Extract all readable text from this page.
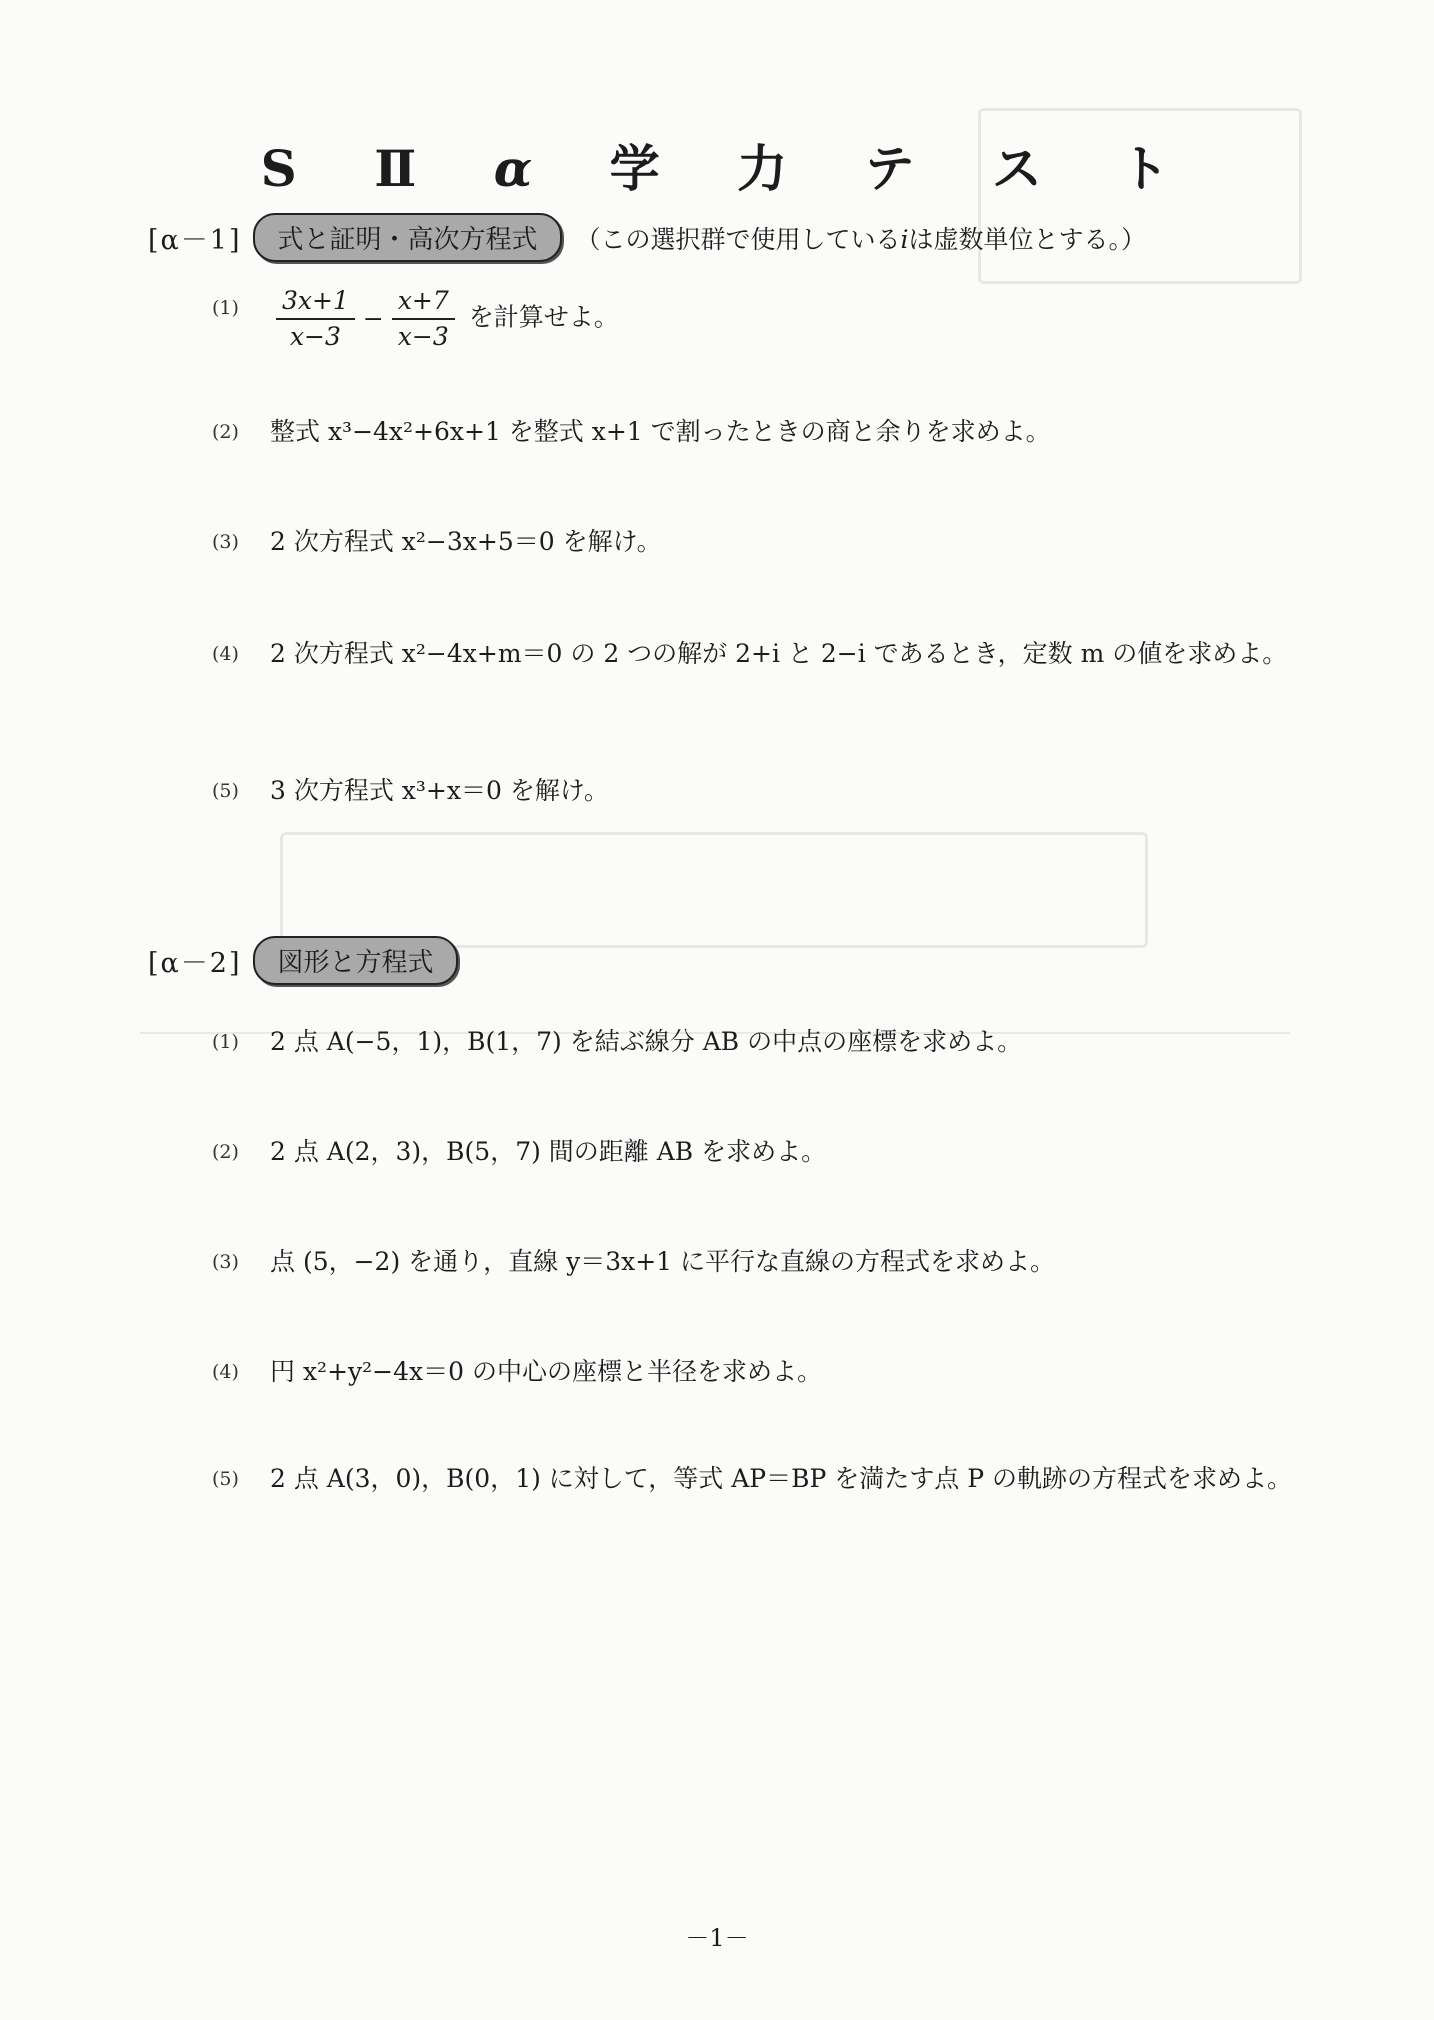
S Ⅱ α 学 力 テ ス ト
[α－1]	式と証明・高次方程式	（この選択群で使用しているiは虚数単位とする。）
(1)	$\frac{3x+1}{x-3} - \frac{x+7}{x-3}$ を計算せよ。
(2)	整式 x³−4x²+6x+1 を整式 x+1 で割ったときの商と余りを求めよ。
(3)	2 次方程式 x²−3x+5＝0 を解け。
(4)	2 次方程式 x²−4x+m＝0 の 2 つの解が 2+i と 2−i であるとき，定数 m の値を求めよ。
(5)	3 次方程式 x³+x＝0 を解け。
[α－2]	図形と方程式
(1)	2 点 A(−5，1)，B(1，7) を結ぶ線分 AB の中点の座標を求めよ。
(2)	2 点 A(2，3)，B(5，7) 間の距離 AB を求めよ。
(3)	点 (5，−2) を通り，直線 y＝3x+1 に平行な直線の方程式を求めよ。
(4)	円 x²+y²−4x＝0 の中心の座標と半径を求めよ。
(5)	2 点 A(3，0)，B(0，1) に対して，等式 AP＝BP を満たす点 P の軌跡の方程式を求めよ。
－1－
